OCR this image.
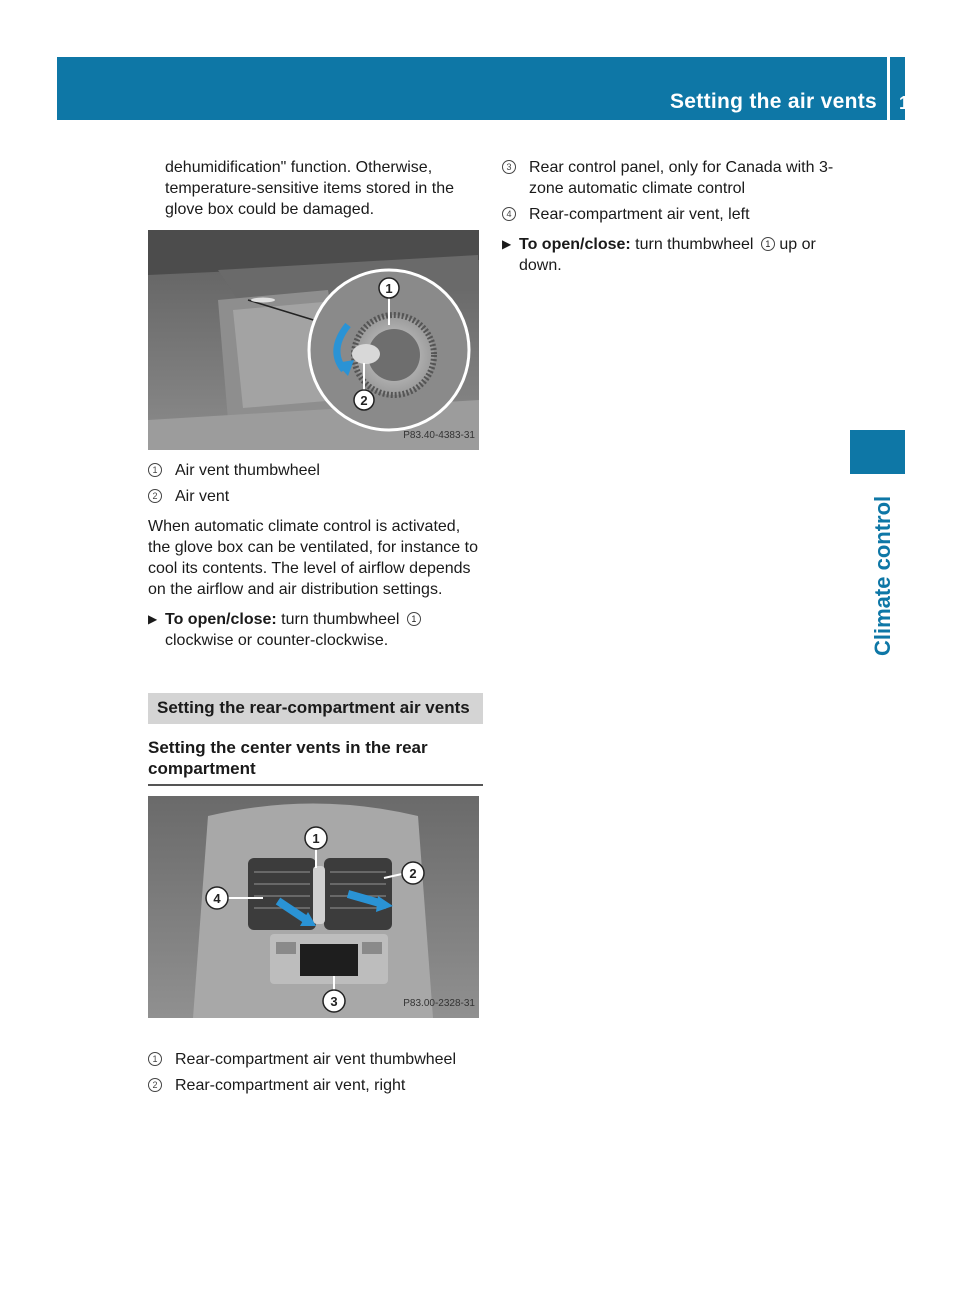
Setting the air vents 143
Climate control

dehumidification" function. Otherwise, temperature-sensitive items stored in the glove box could be damaged.

1
2
P83.40-4383-31
1	Air vent thumbwheel
2	Air vent

When automatic climate control is activated, the glove box can be ventilated, for instance to cool its contents. The level of airflow depends on the airflow and air distribution settings.

▶ To open/close: turn thumbwheel 1 clockwise or counter-clockwise.
Setting the rear-compartment air vents
Setting the center vents in the rear compartment
1
2
4
3	P83.00-2328-31
1	Rear-compartment air vent thumbwheel
2	Rear-compartment air vent, right
3	Rear control panel, only for Canada with 3-zone automatic climate control
4	Rear-compartment air vent, left
▶ To open/close: turn thumbwheel 1 up or down.
